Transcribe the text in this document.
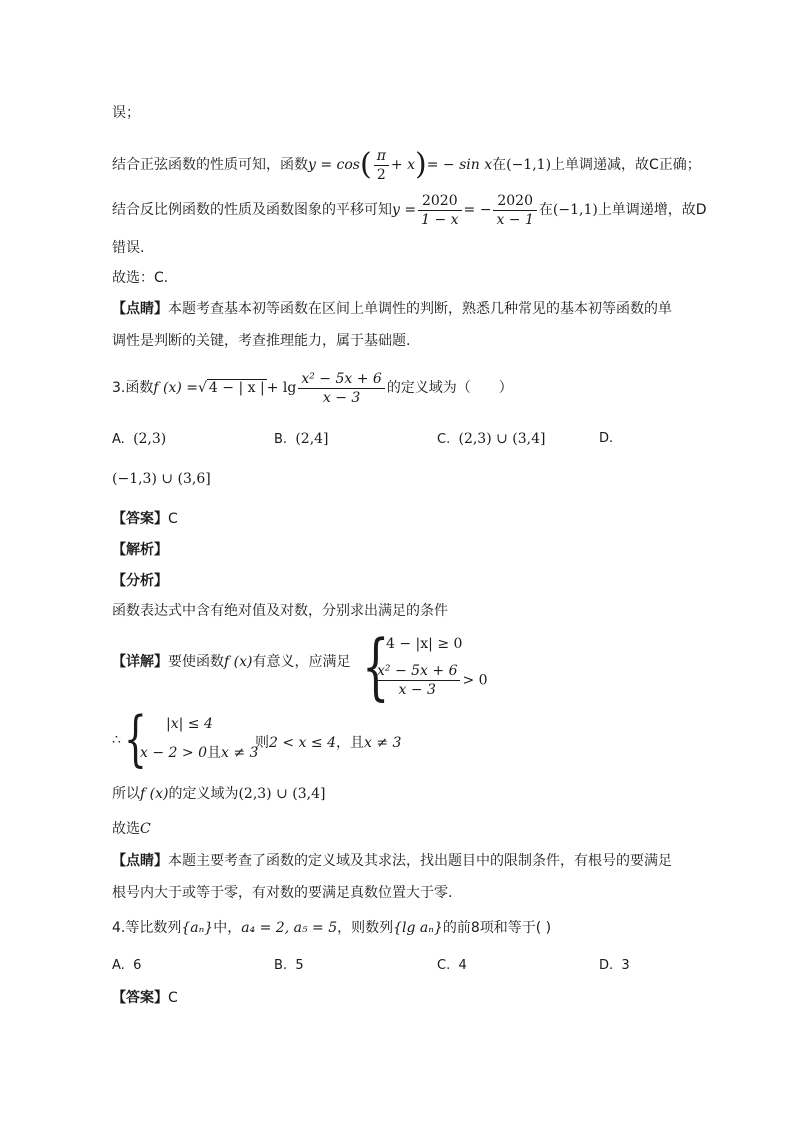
误；
结合正弦函数的性质可知，函数$y = \cos( \frac{\pi}{2} + x)= - \sin x$在(−1,1)上单调递减，故C正确；
结合反比例函数的性质及函数图象的平移可知$y = \frac{2020}{1 - x}$ = − $\frac{2020}{x - 1}$ 在(−1,1)上单调递增，故D
错误.
故选：C.
【点睛】本题考查基本初等函数在区间上单调性的判断，熟悉几种常见的基本初等函数的单
调性是判断的关键，考查推理能力，属于基础题.
3.函数f (x) =√ 4 − | x | + $\lg \frac{\text{x² − 5x + 6}}{x - 3}$ 的定义域为（　　）
A. (2,3)	B. (2,4]	C. (2,3) ∪ (3,4]	D.
(−1,3) ∪ (3,6]
【答案】C
【解析】
【分析】
函数表达式中含有绝对值及对数，分别求出满足的条件
【详解】要使函数f (x)有意义，应满足 {
4 − |x| ≥ 0
$\frac{\text{x² − 5x + 6}}{x - 3} > 0$
∴ { |x| ≤ 4
x − 2 > 0且x ≠ 3
则2 < x ≤ 4，且x ≠ 3
所以f (x)的定义域为(2,3) ∪ (3,4]
故选C
【点睛】本题主要考查了函数的定义域及其求法，找出题目中的限制条件，有根号的要满足
根号内大于或等于零，有对数的要满足真数位置大于零.
4.等比数列{aₙ}中，a₄ = 2, a₅ = 5，则数列{lg aₙ}的前8项和等于( )
A. 6	B. 5	C. 4	D. 3
【答案】C
